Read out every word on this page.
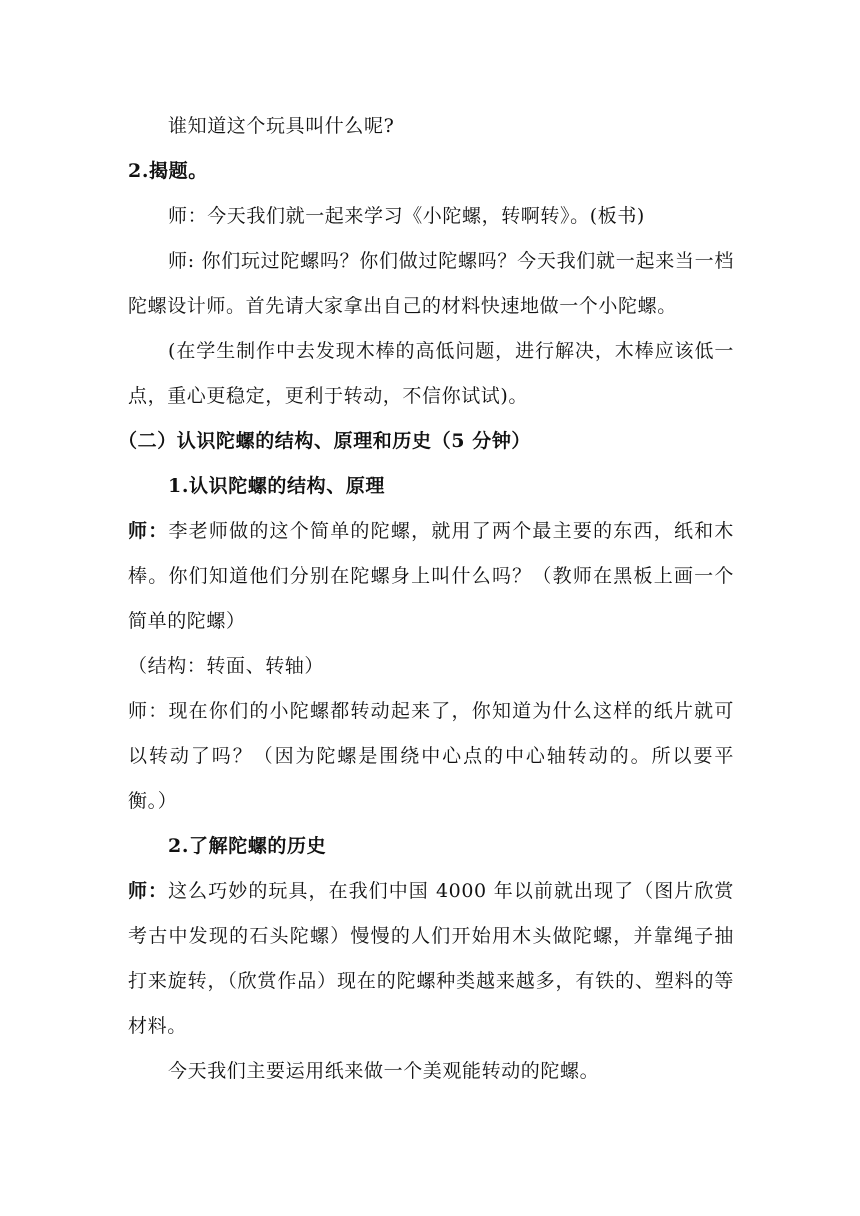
谁知道这个玩具叫什么呢?

2.揭题。

师：今天我们就一起来学习《小陀螺，转啊转》。(板书)

师: 你们玩过陀螺吗？你们做过陀螺吗？今天我们就一起来当一档陀螺设计师。首先请大家拿出自己的材料快速地做一个小陀螺。

(在学生制作中去发现木棒的高低问题，进行解决，木棒应该低一点，重心更稳定，更利于转动，不信你试试)。

（二）认识陀螺的结构、原理和历史（5 分钟）

1.认识陀螺的结构、原理

师：李老师做的这个简单的陀螺，就用了两个最主要的东西，纸和木棒。你们知道他们分别在陀螺身上叫什么吗？（教师在黑板上画一个简单的陀螺）

（结构：转面、转轴）

师：现在你们的小陀螺都转动起来了，你知道为什么这样的纸片就可以转动了吗？（因为陀螺是围绕中心点的中心轴转动的。所以要平衡。）

2.了解陀螺的历史

师：这么巧妙的玩具，在我们中国 4000 年以前就出现了（图片欣赏考古中发现的石头陀螺）慢慢的人们开始用木头做陀螺，并靠绳子抽打来旋转，（欣赏作品）现在的陀螺种类越来越多，有铁的、塑料的等材料。

今天我们主要运用纸来做一个美观能转动的陀螺。
